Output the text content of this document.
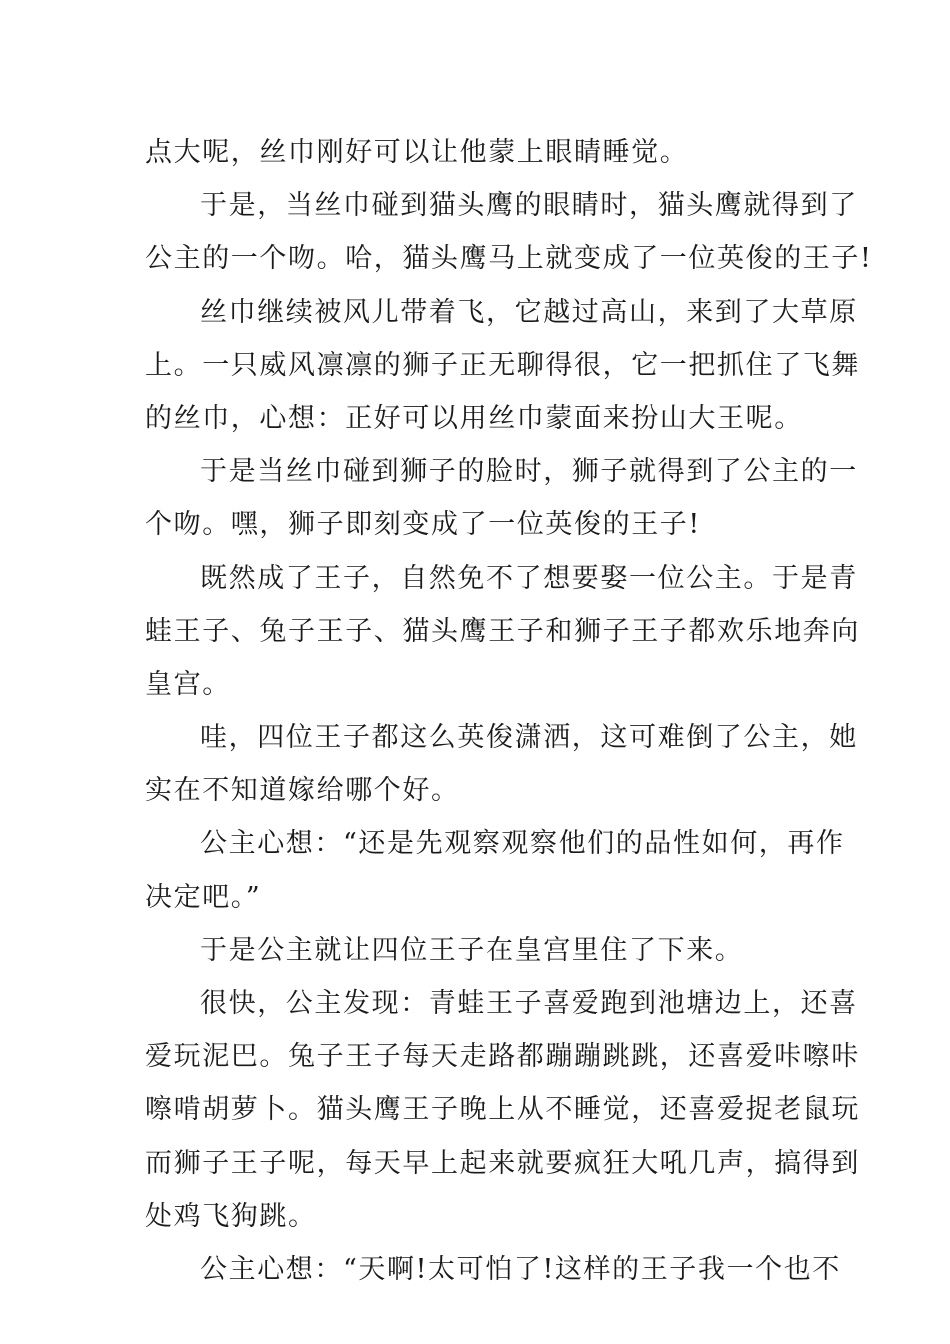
点大呢，丝巾刚好可以让他蒙上眼睛睡觉。
于是，当丝巾碰到猫头鹰的眼睛时，猫头鹰就得到了
公主的一个吻。哈，猫头鹰马上就变成了一位英俊的王子!
丝巾继续被风儿带着飞，它越过高山，来到了大草原
上。一只威风凛凛的狮子正无聊得很，它一把抓住了飞舞
的丝巾，心想：正好可以用丝巾蒙面来扮山大王呢。
于是当丝巾碰到狮子的脸时，狮子就得到了公主的一
个吻。嘿，狮子即刻变成了一位英俊的王子!
既然成了王子，自然免不了想要娶一位公主。于是青
蛙王子、兔子王子、猫头鹰王子和狮子王子都欢乐地奔向
皇宫。
哇，四位王子都这么英俊潇洒，这可难倒了公主，她
实在不知道嫁给哪个好。
公主心想：“还是先观察观察他们的品性如何，再作
决定吧。”
于是公主就让四位王子在皇宫里住了下来。
很快，公主发现：青蛙王子喜爱跑到池塘边上，还喜
爱玩泥巴。兔子王子每天走路都蹦蹦跳跳，还喜爱咔嚓咔
嚓啃胡萝卜。猫头鹰王子晚上从不睡觉，还喜爱捉老鼠玩
而狮子王子呢，每天早上起来就要疯狂大吼几声，搞得到
处鸡飞狗跳。
公主心想：“天啊!太可怕了!这样的王子我一个也不
